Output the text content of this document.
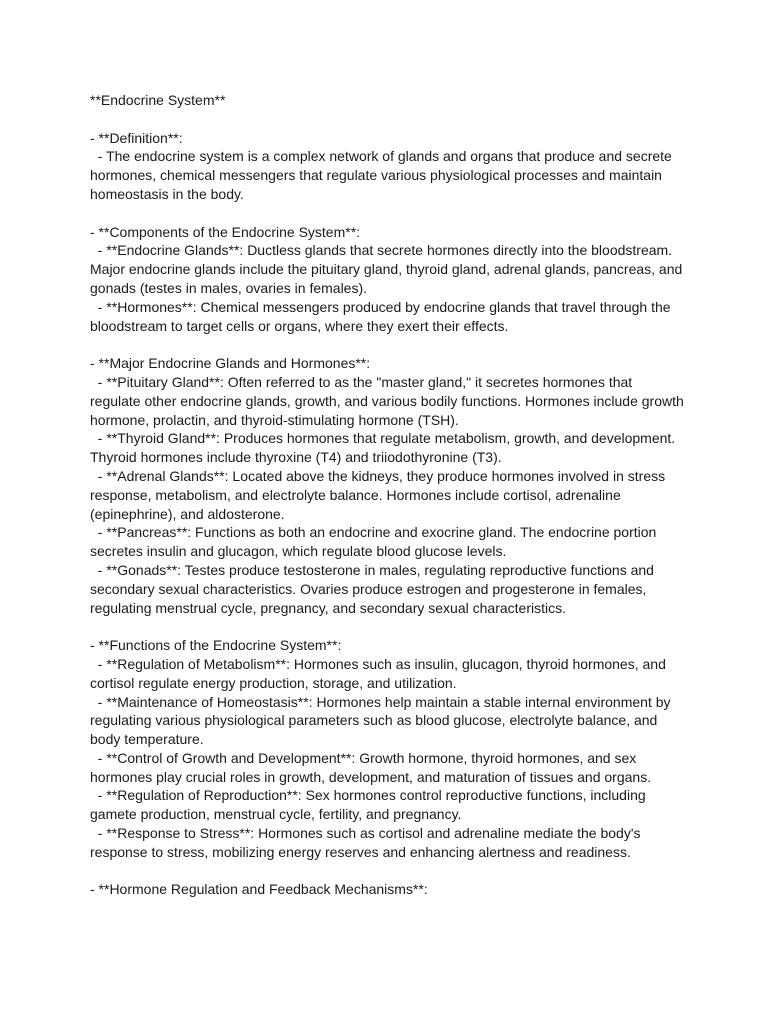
**Endocrine System**
- **Definition**:
- The endocrine system is a complex network of glands and organs that produce and secrete
hormones, chemical messengers that regulate various physiological processes and maintain
homeostasis in the body.
- **Components of the Endocrine System**:
- **Endocrine Glands**: Ductless glands that secrete hormones directly into the bloodstream.
Major endocrine glands include the pituitary gland, thyroid gland, adrenal glands, pancreas, and
gonads (testes in males, ovaries in females).
- **Hormones**: Chemical messengers produced by endocrine glands that travel through the
bloodstream to target cells or organs, where they exert their effects.
- **Major Endocrine Glands and Hormones**:
- **Pituitary Gland**: Often referred to as the "master gland," it secretes hormones that
regulate other endocrine glands, growth, and various bodily functions. Hormones include growth
hormone, prolactin, and thyroid-stimulating hormone (TSH).
- **Thyroid Gland**: Produces hormones that regulate metabolism, growth, and development.
Thyroid hormones include thyroxine (T4) and triiodothyronine (T3).
- **Adrenal Glands**: Located above the kidneys, they produce hormones involved in stress
response, metabolism, and electrolyte balance. Hormones include cortisol, adrenaline
(epinephrine), and aldosterone.
- **Pancreas**: Functions as both an endocrine and exocrine gland. The endocrine portion
secretes insulin and glucagon, which regulate blood glucose levels.
- **Gonads**: Testes produce testosterone in males, regulating reproductive functions and
secondary sexual characteristics. Ovaries produce estrogen and progesterone in females,
regulating menstrual cycle, pregnancy, and secondary sexual characteristics.
- **Functions of the Endocrine System**:
- **Regulation of Metabolism**: Hormones such as insulin, glucagon, thyroid hormones, and
cortisol regulate energy production, storage, and utilization.
- **Maintenance of Homeostasis**: Hormones help maintain a stable internal environment by
regulating various physiological parameters such as blood glucose, electrolyte balance, and
body temperature.
- **Control of Growth and Development**: Growth hormone, thyroid hormones, and sex
hormones play crucial roles in growth, development, and maturation of tissues and organs.
- **Regulation of Reproduction**: Sex hormones control reproductive functions, including
gamete production, menstrual cycle, fertility, and pregnancy.
- **Response to Stress**: Hormones such as cortisol and adrenaline mediate the body's
response to stress, mobilizing energy reserves and enhancing alertness and readiness.
- **Hormone Regulation and Feedback Mechanisms**:
